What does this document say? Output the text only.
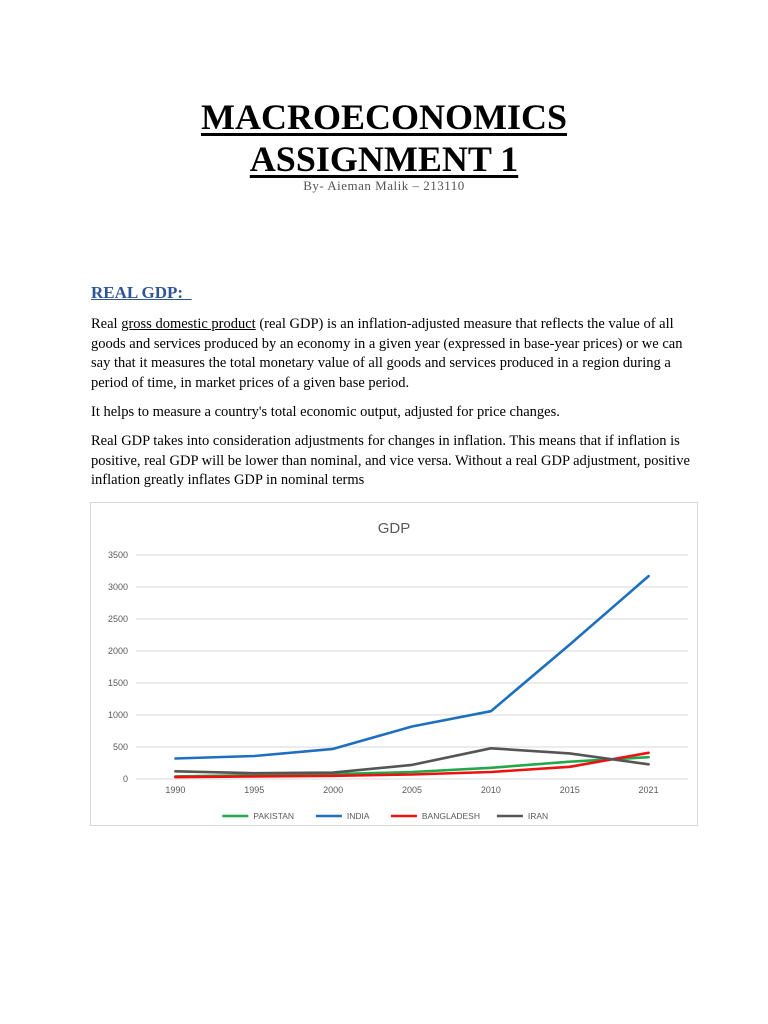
MACROECONOMICS
ASSIGNMENT 1
By- Aieman Malik – 213110
REAL GDP:
Real gross domestic product (real GDP) is an inflation-adjusted measure that reflects the value of all goods and services produced by an economy in a given year (expressed in base-year prices) or we can say that it measures the total monetary value of all goods and services produced in a region during a period of time, in market prices of a given base period.
It helps to measure a country's total economic output, adjusted for price changes.
Real GDP takes into consideration adjustments for changes in inflation. This means that if inflation is positive, real GDP will be lower than nominal, and vice versa. Without a real GDP adjustment, positive inflation greatly inflates GDP in nominal terms
GDP
0
500
1000
1500
2000
2500
3000
3500
1990	1995	2000	2005	2010	2015	2021
PAKISTAN	INDIA	BANGLADESH	IRAN
